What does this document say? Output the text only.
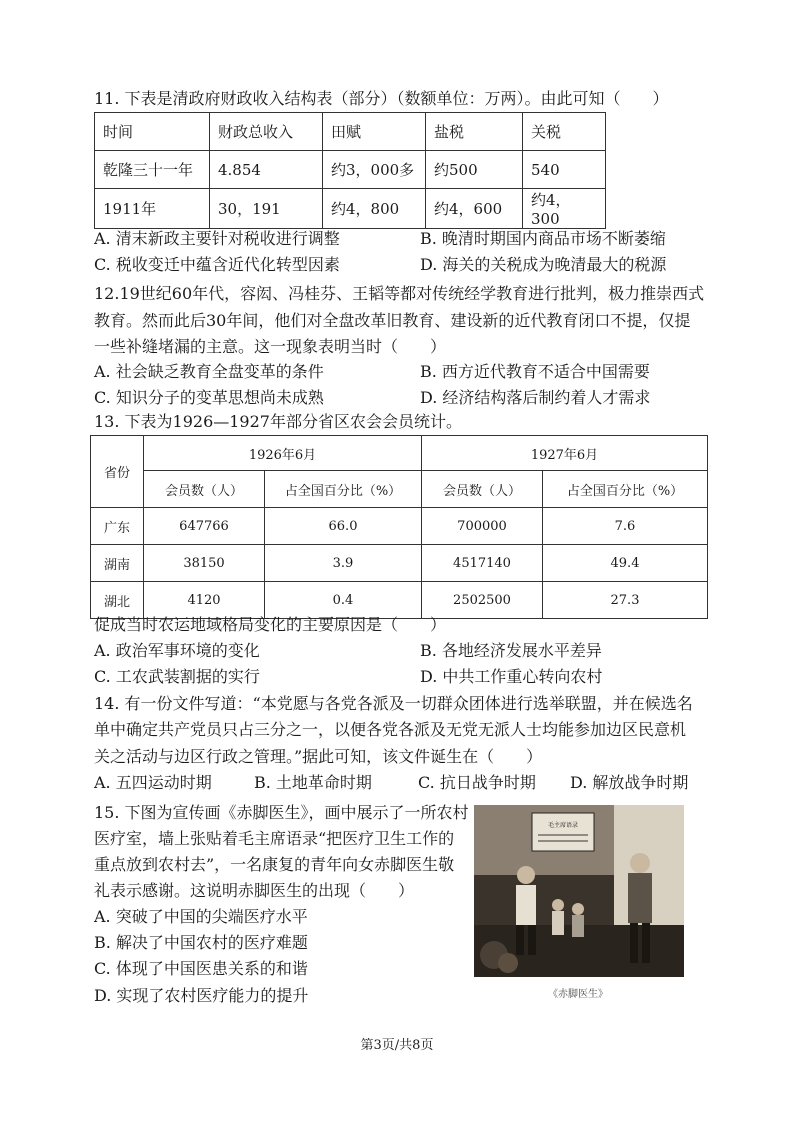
11. 下表是清政府财政收入结构表（部分）（数额单位：万两）。由此可知（　　）
时间	财政总收入	田赋	盐税	关税
乾隆三十一年	4.854	约3，000多	约500	540
1911年	30，191	约4，800	约4，600	约4，300
A. 清末新政主要针对税收进行调整	B. 晚清时期国内商品市场不断萎缩
C. 税收变迁中蕴含近代化转型因素	D. 海关的关税成为晚清最大的税源
12.19世纪60年代，容闳、冯桂芬、王韬等都对传统经学教育进行批判，极力推崇西式
教育。然而此后30年间，他们对全盘改革旧教育、建设新的近代教育闭口不提，仅提
一些补缝堵漏的主意。这一现象表明当时（　　）
A. 社会缺乏教育全盘变革的条件	B. 西方近代教育不适合中国需要
C. 知识分子的变革思想尚未成熟	D. 经济结构落后制约着人才需求
13. 下表为1926—1927年部分省区农会会员统计。
省份	1926年6月		1927年6月	
	会员数（人）	占全国百分比（%）	会员数（人）	占全国百分比（%）
广东	647766	66.0	700000	7.6
湖南	38150	3.9	4517140	49.4
湖北	4120	0.4	2502500	27.3
促成当时农运地域格局变化的主要原因是（　　）
A. 政治军事环境的变化	B. 各地经济发展水平差异
C. 工农武装割据的实行	D. 中共工作重心转向农村
14. 有一份文件写道：“本党愿与各党各派及一切群众团体进行选举联盟，并在候选名
单中确定共产党员只占三分之一，以便各党各派及无党无派人士均能参加边区民意机
关之活动与边区行政之管理。”据此可知，该文件诞生在（　　）
A. 五四运动时期	B. 土地革命时期	C. 抗日战争时期 D. 解放战争时期
15. 下图为宣传画《赤脚医生》，画中展示了一所农村
医疗室，墙上张贴着毛主席语录“把医疗卫生工作的
重点放到农村去”，一名康复的青年向女赤脚医生敬
礼表示感谢。这说明赤脚医生的出现（　　）
A. 突破了中国的尖端医疗水平
B. 解决了中国农村的医疗难题
C. 体现了中国医患关系的和谐
D. 实现了农村医疗能力的提升
毛主席语录
《赤脚医生》
第3页/共8页
